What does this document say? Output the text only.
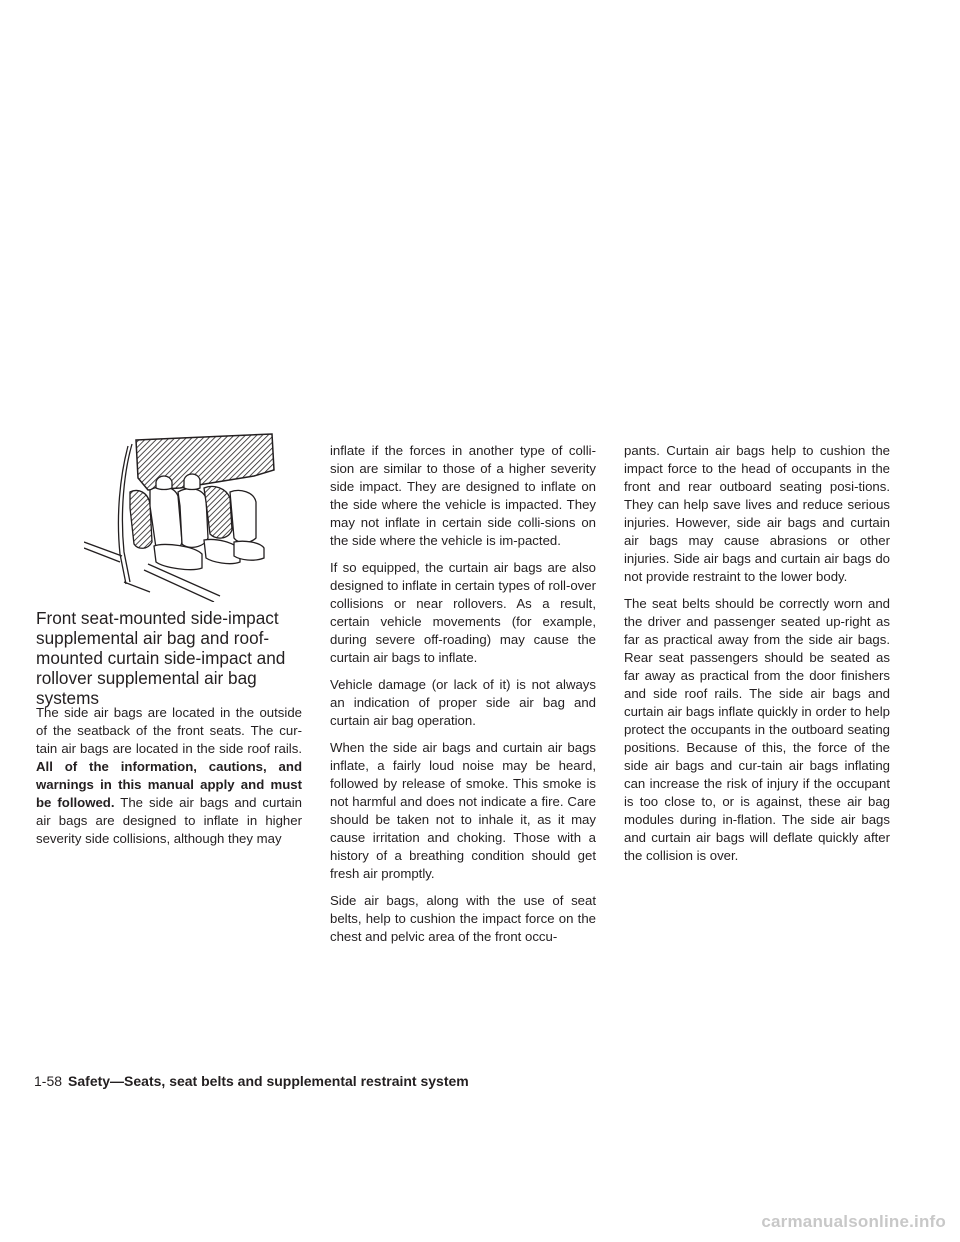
Front seat-mounted side-impact supplemental air bag and roof-mounted curtain side-impact and rollover supplemental air bag systems

The side air bags are located in the outside of the seatback of the front seats. The cur-tain air bags are located in the side roof rails. All of the information, cautions, and warnings in this manual apply and must be followed. The side air bags and curtain air bags are designed to inflate in higher severity side collisions, although they may

inflate if the forces in another type of colli-sion are similar to those of a higher severity side impact. They are designed to inflate on the side where the vehicle is impacted. They may not inflate in certain side colli-sions on the side where the vehicle is im-pacted.

If so equipped, the curtain air bags are also designed to inflate in certain types of roll-over collisions or near rollovers. As a result, certain vehicle movements (for example, during severe off-roading) may cause the curtain air bags to inflate.

Vehicle damage (or lack of it) is not always an indication of proper side air bag and curtain air bag operation.

When the side air bags and curtain air bags inflate, a fairly loud noise may be heard, followed by release of smoke. This smoke is not harmful and does not indicate a fire. Care should be taken not to inhale it, as it may cause irritation and choking. Those with a history of a breathing condition should get fresh air promptly.

Side air bags, along with the use of seat belts, help to cushion the impact force on the chest and pelvic area of the front occu-

pants. Curtain air bags help to cushion the impact force to the head of occupants in the front and rear outboard seating posi-tions. They can help save lives and reduce serious injuries. However, side air bags and curtain air bags may cause abrasions or other injuries. Side air bags and curtain air bags do not provide restraint to the lower body.

The seat belts should be correctly worn and the driver and passenger seated up-right as far as practical away from the side air bags. Rear seat passengers should be seated as far away as practical from the door finishers and side roof rails. The side air bags and curtain air bags inflate quickly in order to help protect the occupants in the outboard seating positions. Because of this, the force of the side air bags and cur-tain air bags inflating can increase the risk of injury if the occupant is too close to, or is against, these air bag modules during in-flation. The side air bags and curtain air bags will deflate quickly after the collision is over.

1-58 Safety—Seats, seat belts and supplemental restraint system
carmanualsonline.info
